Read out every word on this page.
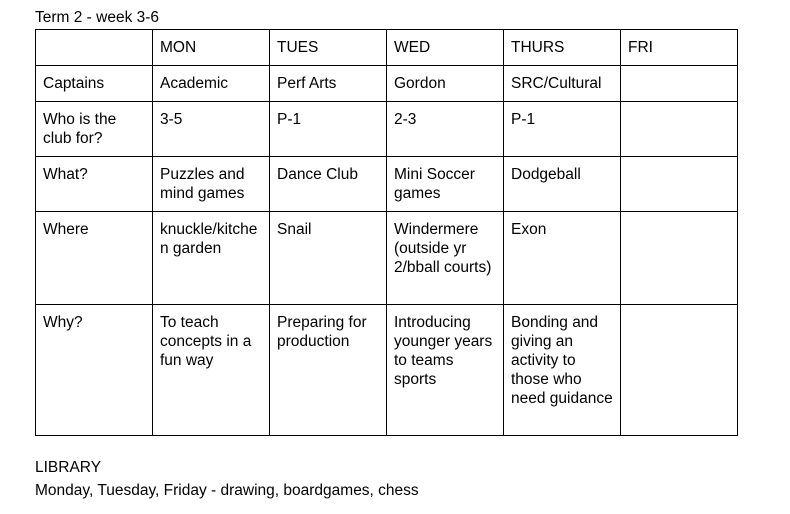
Term 2 - week 3-6

	MON	TUES	WED	THURS	FRI
Captains	Academic	Perf Arts	Gordon	SRC/Cultural	
Who is the club for?	3-5	P-1	2-3	P-1	
What?	Puzzles and mind games	Dance Club	Mini Soccer games	Dodgeball	
Where	knuckle/kitchen garden	Snail	Windermere (outside yr 2/bball courts)	Exon	
Why?	To teach concepts in a fun way	Preparing for production	Introducing younger years to teams sports	Bonding and giving an activity to those who need guidance	

LIBRARY

Monday, Tuesday, Friday - drawing, boardgames, chess
